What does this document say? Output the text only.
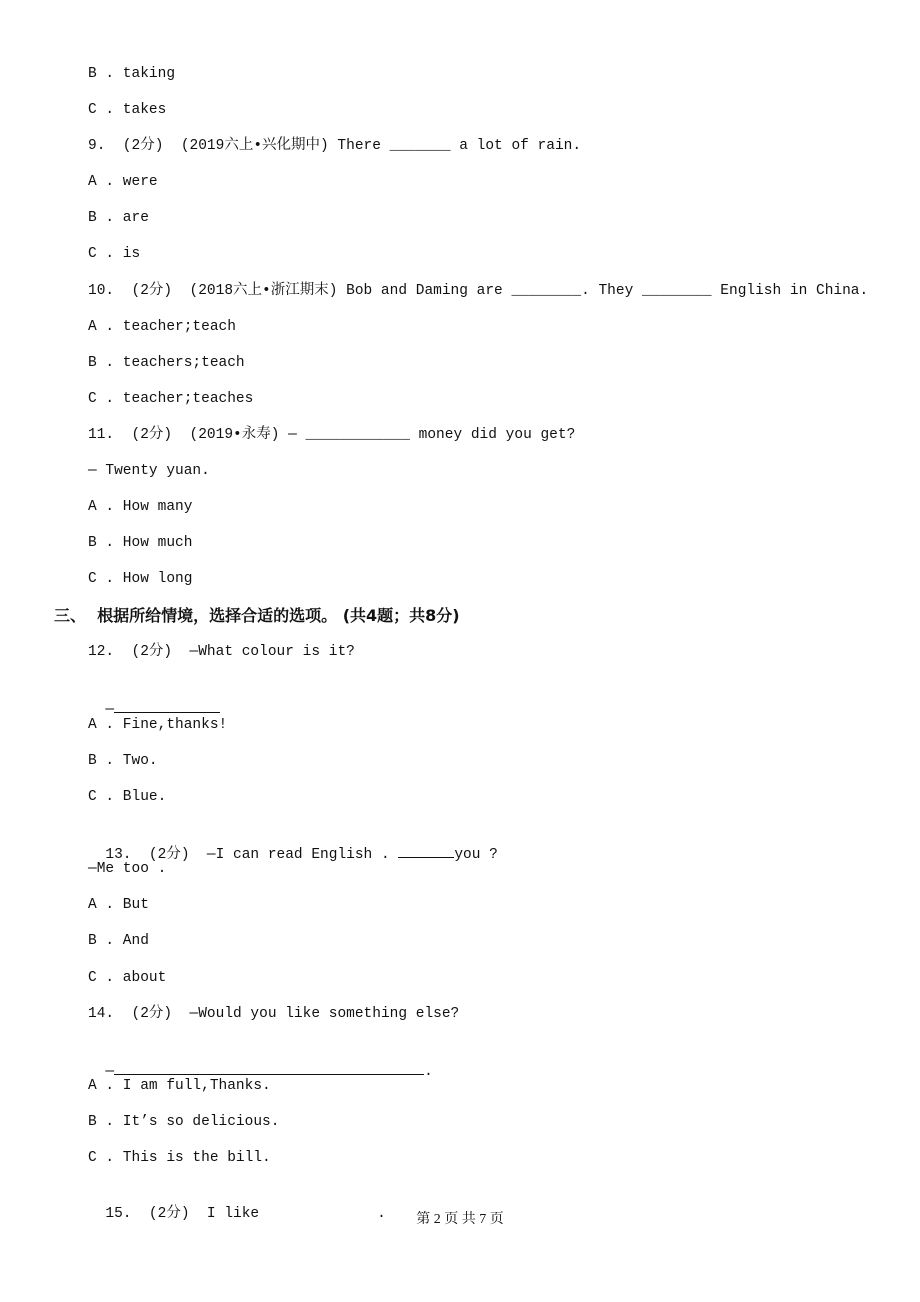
B . taking
C . takes
9.  (2分)  (2019六上•兴化期中) There _______ a lot of rain.
A . were
B . are
C . is
10.  (2分)  (2018六上•浙江期末) Bob and Daming are ________. They ________ English in China.
A . teacher;teach
B . teachers;teach
C . teacher;teaches
11.  (2分)  (2019•永寿) — ____________ money did you get?
— Twenty yuan.
A . How many
B . How much
C . How long
三、  根据所给情境，选择合适的选项。 (共4题；共8分)
12.  (2分)  —What colour is it?

—

A . Fine,thanks!
B . Two.
C . Blue.

13.  (2分)  —I can read English .	you ?

—Me too .
A . But
B . And
C . about
14.  (2分)  —Would you like something else?

—	.

A . I am full,Thanks.
B . It’s so delicious.
C . This is the bill.

15.  (2分)  I like	.	第 2 页 共 7 页
